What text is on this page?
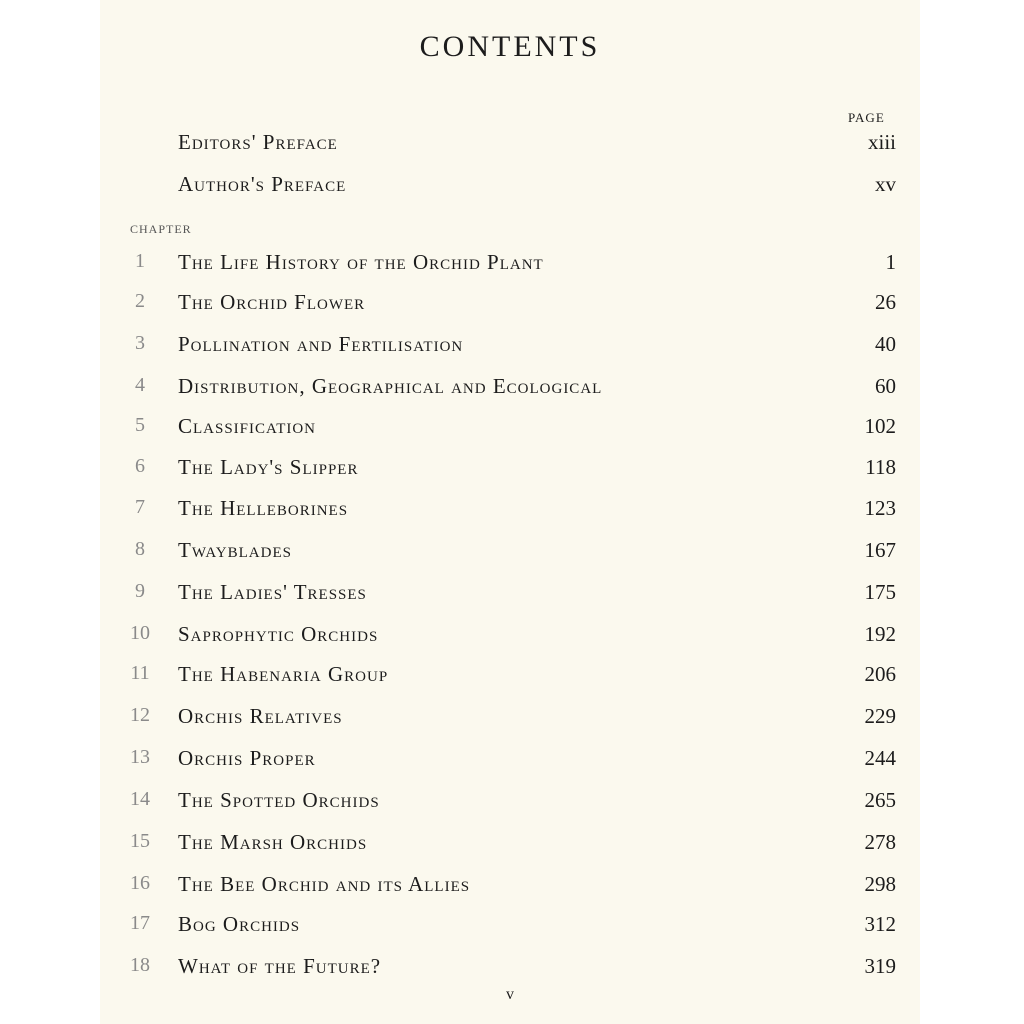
CONTENTS
PAGE
Editors' Preface	xiii
Author's Preface	xv
CHAPTER
1	The Life History of the Orchid Plant	1
2	The Orchid Flower	26
3	Pollination and Fertilisation	40
4	Distribution, Geographical and Ecological	60
5	Classification	102
6	The Lady's Slipper	118
7	The Helleborines	123
8	Twayblades	167
9	The Ladies' Tresses	175
10 Saprophytic Orchids	192
11 The Habenaria Group	206
12 Orchis Relatives	229
13 Orchis Proper	244
14 The Spotted Orchids	265
15 The Marsh Orchids	278
16 The Bee Orchid and its Allies	298
17 Bog Orchids	312
18 What of the Future?	319
v
